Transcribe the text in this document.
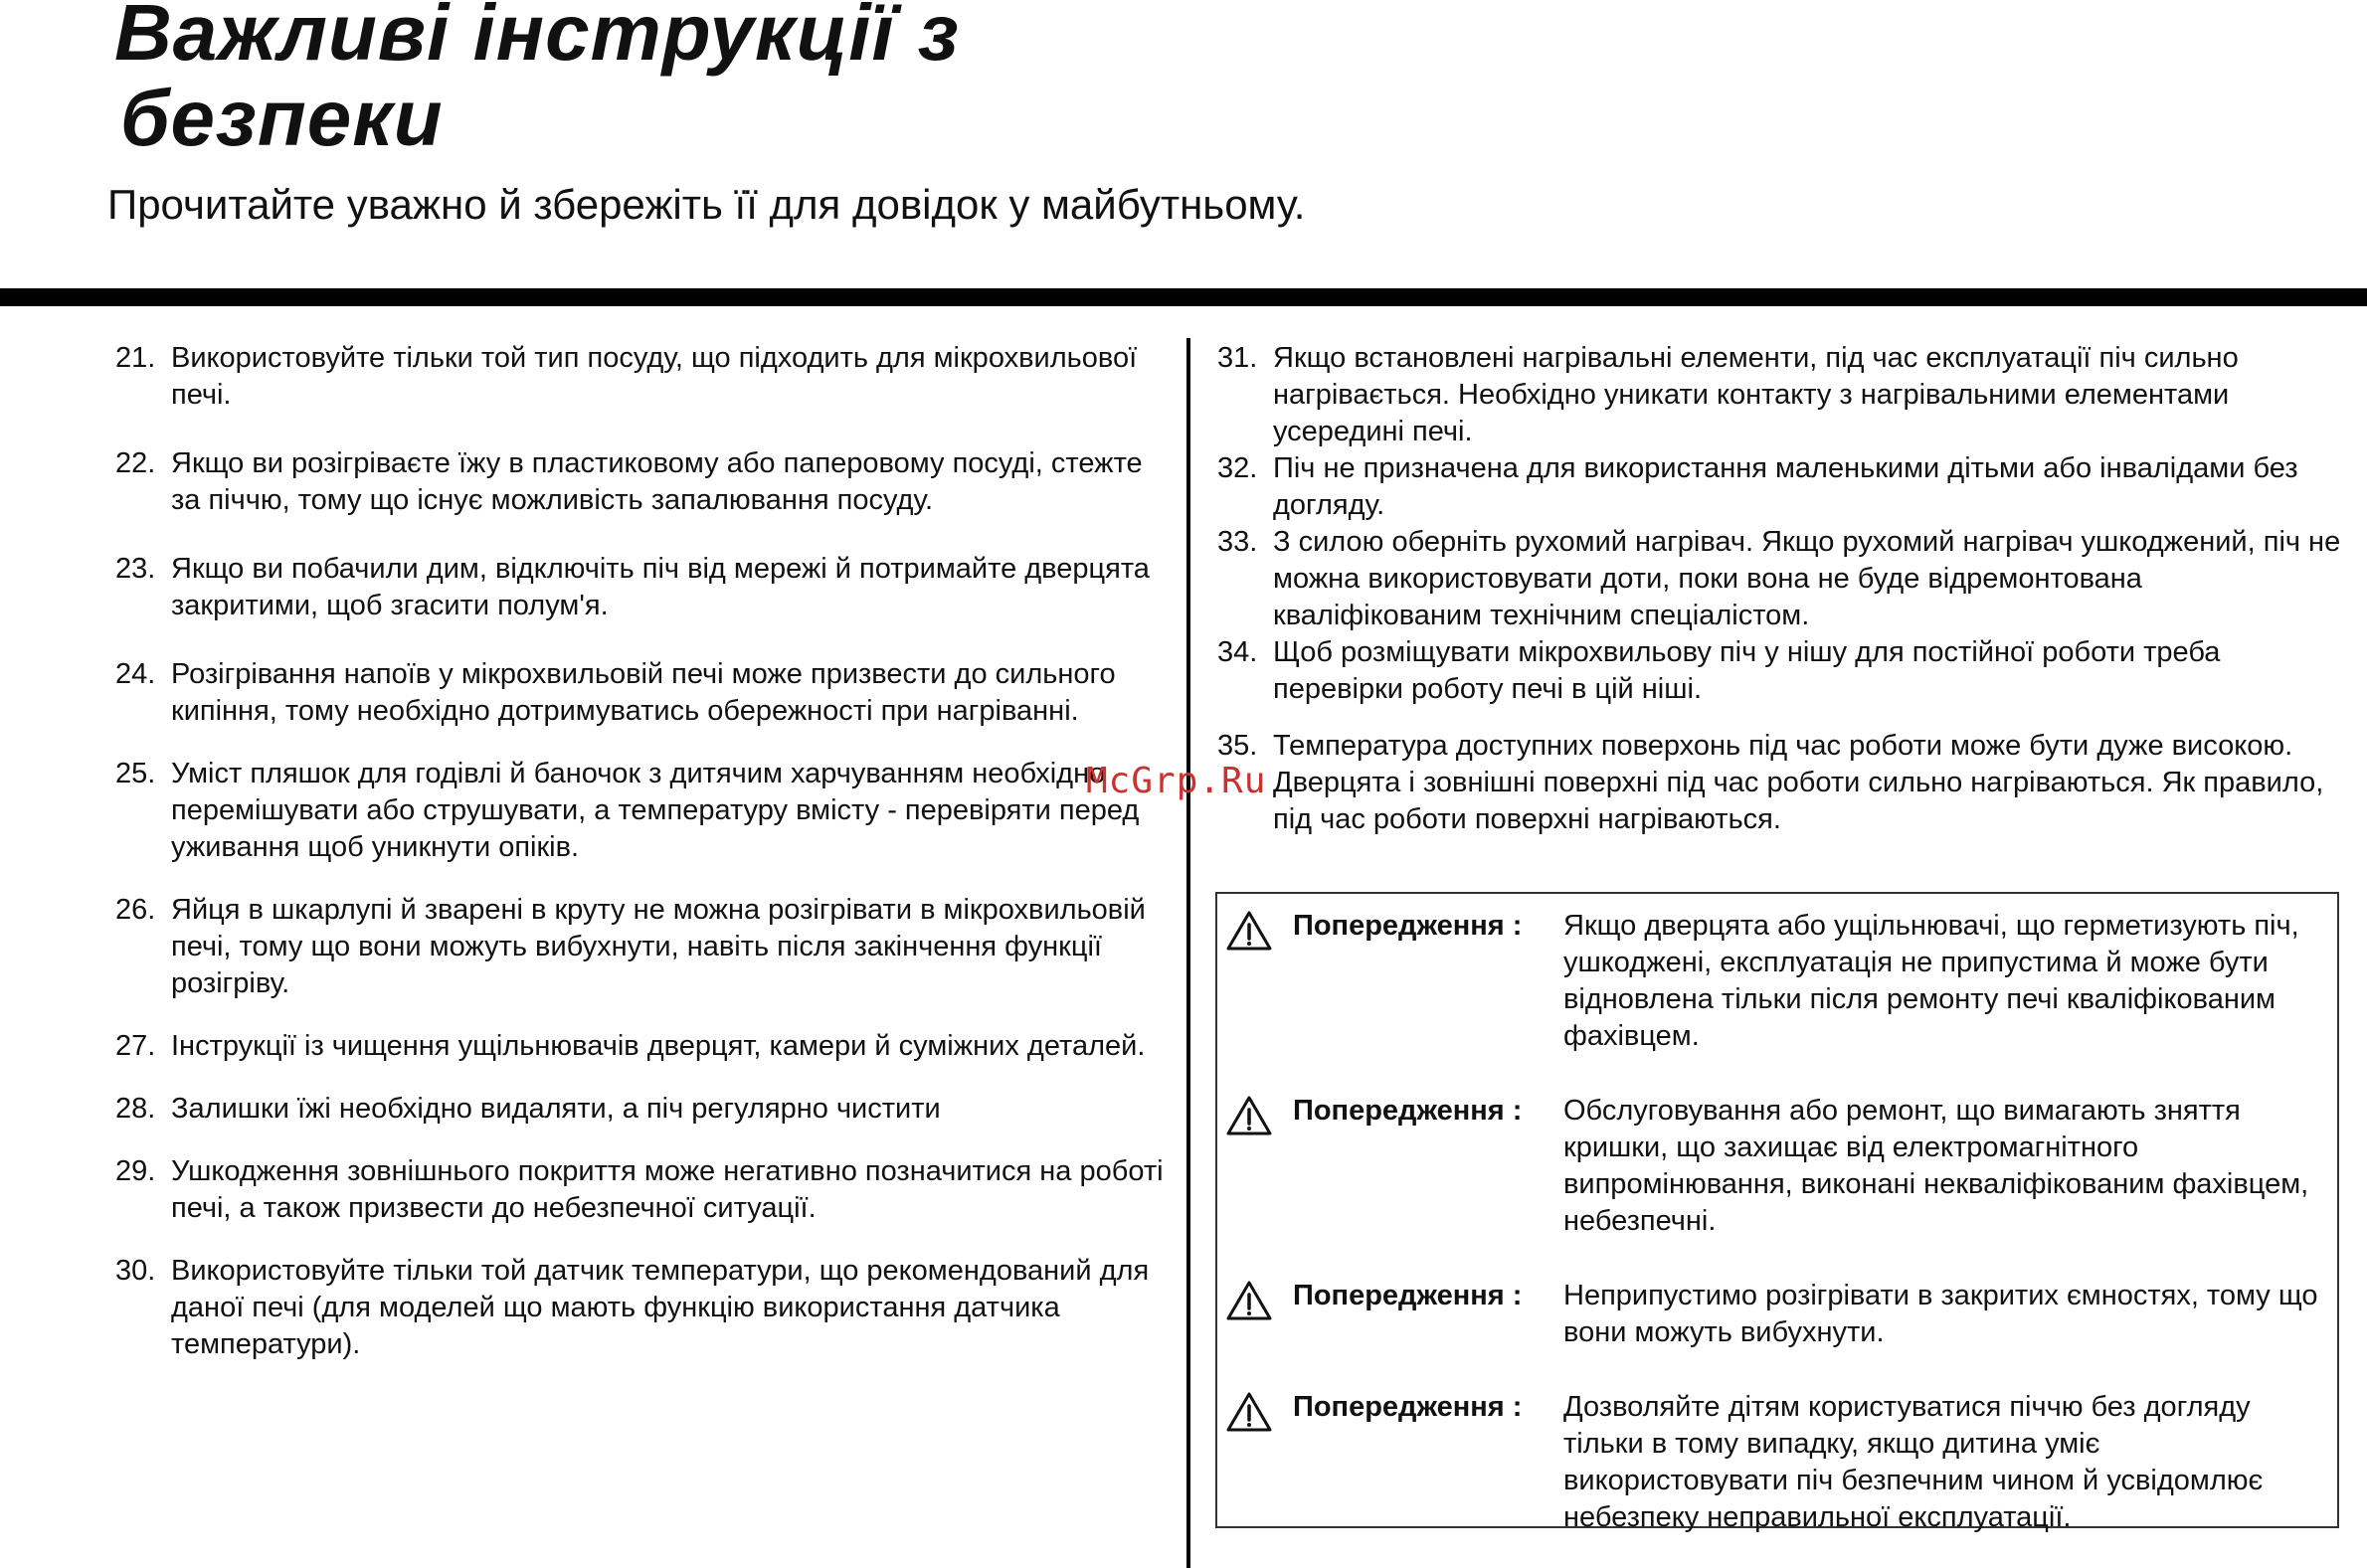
Важливі інструкції з
безпеки
Прочитайте уважно й збережіть її для довідок у майбутньому.
21. Використовуйте тільки той тип посуду, що підходить для мікрохвильової печі.
22. Якщо ви розігріваєте їжу в пластиковому або паперовому посуді, стежте за піччю, тому що існує можливість запалювання посуду.
23. Якщо ви побачили дим, відключіть піч від мережі й потримайте дверцята закритими, щоб згасити полум'я.
24. Розігрівання напоїв у мікрохвильовій печі може призвести до сильного кипіння, тому необхідно дотримуватись обережності при нагріванні.
25. Уміст пляшок для годівлі й баночок з дитячим харчуванням необхідно перемішувати або струшувати, а температуру вмісту - перевіряти перед уживання щоб уникнути опіків.
26. Яйця в шкарлупі й зварені в круту не можна розігрівати в мікрохвильовій печі, тому що вони можуть вибухнути, навіть після закінчення функції розігріву.
27. Інструкції із чищення ущільнювачів дверцят, камери й суміжних деталей.
28. Залишки їжі необхідно видаляти, а піч регулярно чистити
29. Ушкодження зовнішнього покриття може негативно позначитися на роботі печі, а також призвести до небезпечної ситуації.
30. Використовуйте тільки той датчик температури, що рекомендований для даної печі (для моделей що мають функцію використання датчика температури).
31. Якщо встановлені нагрівальні елементи, під час експлуатації піч сильно нагрівається. Необхідно уникати контакту з нагрівальними елементами усередині печі.
32. Піч не призначена для використання маленькими дітьми або інвалідами без догляду.
33. З силою оберніть рухомий нагрівач. Якщо рухомий нагрівач ушкоджений, піч не можна використовувати доти, поки вона не буде відремонтована кваліфікованим технічним спеціалістом.
34. Щоб розміщувати мікрохвильову піч у нішу для постійної роботи треба перевірки роботу печі в цій ніші.
35. Температура доступних поверхонь під час роботи може бути дуже високою. Дверцята і зовнішні поверхні під час роботи сильно нагріваються. Як правило, під час роботи поверхні нагріваються.
McGrp.Ru
Попередження :	Якщо дверцята або ущільнювачі, що герметизують піч, ушкоджені, експлуатація не припустима й може бути відновлена тільки після ремонту печі кваліфікованим фахівцем.
Попередження :	Обслуговування або ремонт, що вимагають зняття кришки, що захищає від електромагнітного випромінювання, виконані некваліфікованим фахівцем, небезпечні.
Попередження :	Неприпустимо розігрівати в закритих ємностях, тому що вони можуть вибухнути.
Попередження :	Дозволяйте дітям користуватися піччю без догляду тільки в тому випадку, якщо дитина уміє використовувати піч безпечним чином й усвідомлює небезпеку неправильної експлуатації.
